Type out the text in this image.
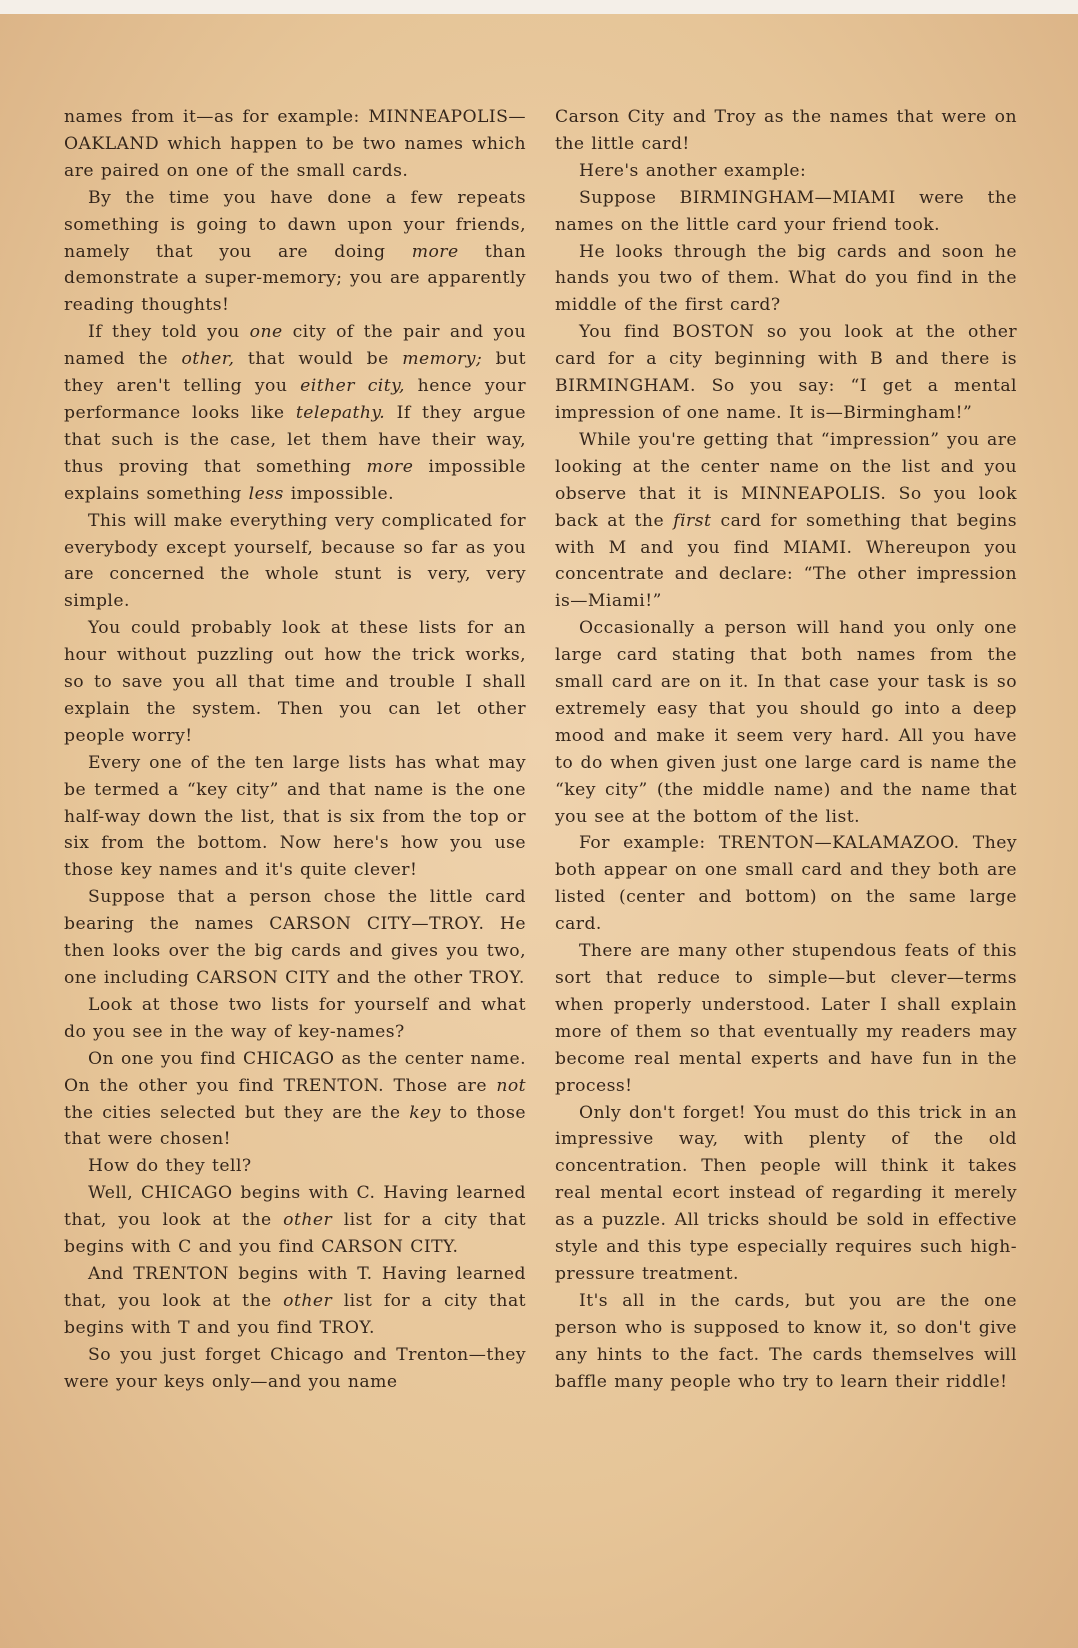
names from it—as for example: MINNEAPOLIS—OAKLAND which happen to be two names which are paired on one of the small cards.

By the time you have done a few repeats something is going to dawn upon your friends, namely that you are doing more than demonstrate a super-memory; you are apparently reading thoughts!

If they told you one city of the pair and you named the other, that would be memory; but they aren't telling you either city, hence your performance looks like telepathy. If they argue that such is the case, let them have their way, thus proving that something more impossible explains something less impossible.

This will make everything very complicated for everybody except yourself, because so far as you are concerned the whole stunt is very, very simple.

You could probably look at these lists for an hour without puzzling out how the trick works, so to save you all that time and trouble I shall explain the system. Then you can let other people worry!

Every one of the ten large lists has what may be termed a “key city” and that name is the one half-way down the list, that is six from the top or six from the bottom. Now here's how you use those key names and it's quite clever!

Suppose that a person chose the little card bearing the names CARSON CITY—TROY. He then looks over the big cards and gives you two, one including CARSON CITY and the other TROY.

Look at those two lists for yourself and what do you see in the way of key-names?

On one you find CHICAGO as the center name. On the other you find TRENTON. Those are not the cities selected but they are the key to those that were chosen!

How do they tell?

Well, CHICAGO begins with C. Having learned that, you look at the other list for a city that begins with C and you find CARSON CITY.

And TRENTON begins with T. Having learned that, you look at the other list for a city that begins with T and you find TROY.

So you just forget Chicago and Trenton—they were your keys only—and you name

Carson City and Troy as the names that were on the little card!

Here's another example:

Suppose BIRMINGHAM—MIAMI were the names on the little card your friend took.

He looks through the big cards and soon he hands you two of them. What do you find in the middle of the first card?

You find BOSTON so you look at the other card for a city beginning with B and there is BIRMINGHAM. So you say: “I get a mental impression of one name. It is—Birmingham!”

While you're getting that “impression” you are looking at the center name on the list and you observe that it is MINNEAPOLIS. So you look back at the first card for something that begins with M and you find MIAMI. Whereupon you concentrate and declare: “The other impression is—Miami!”

Occasionally a person will hand you only one large card stating that both names from the small card are on it. In that case your task is so extremely easy that you should go into a deep mood and make it seem very hard. All you have to do when given just one large card is name the “key city” (the middle name) and the name that you see at the bottom of the list.

For example: TRENTON—KALAMAZOO. They both appear on one small card and they both are listed (center and bottom) on the same large card.

There are many other stupendous feats of this sort that reduce to simple—but clever—terms when properly understood. Later I shall explain more of them so that eventually my readers may become real mental experts and have fun in the process!

Only don't forget! You must do this trick in an impressive way, with plenty of the old concentration. Then people will think it takes real mental ecort instead of regarding it merely as a puzzle. All tricks should be sold in effective style and this type especially requires such high-pressure treatment.

It's all in the cards, but you are the one person who is supposed to know it, so don't give any hints to the fact. The cards themselves will baffle many people who try to learn their riddle!
